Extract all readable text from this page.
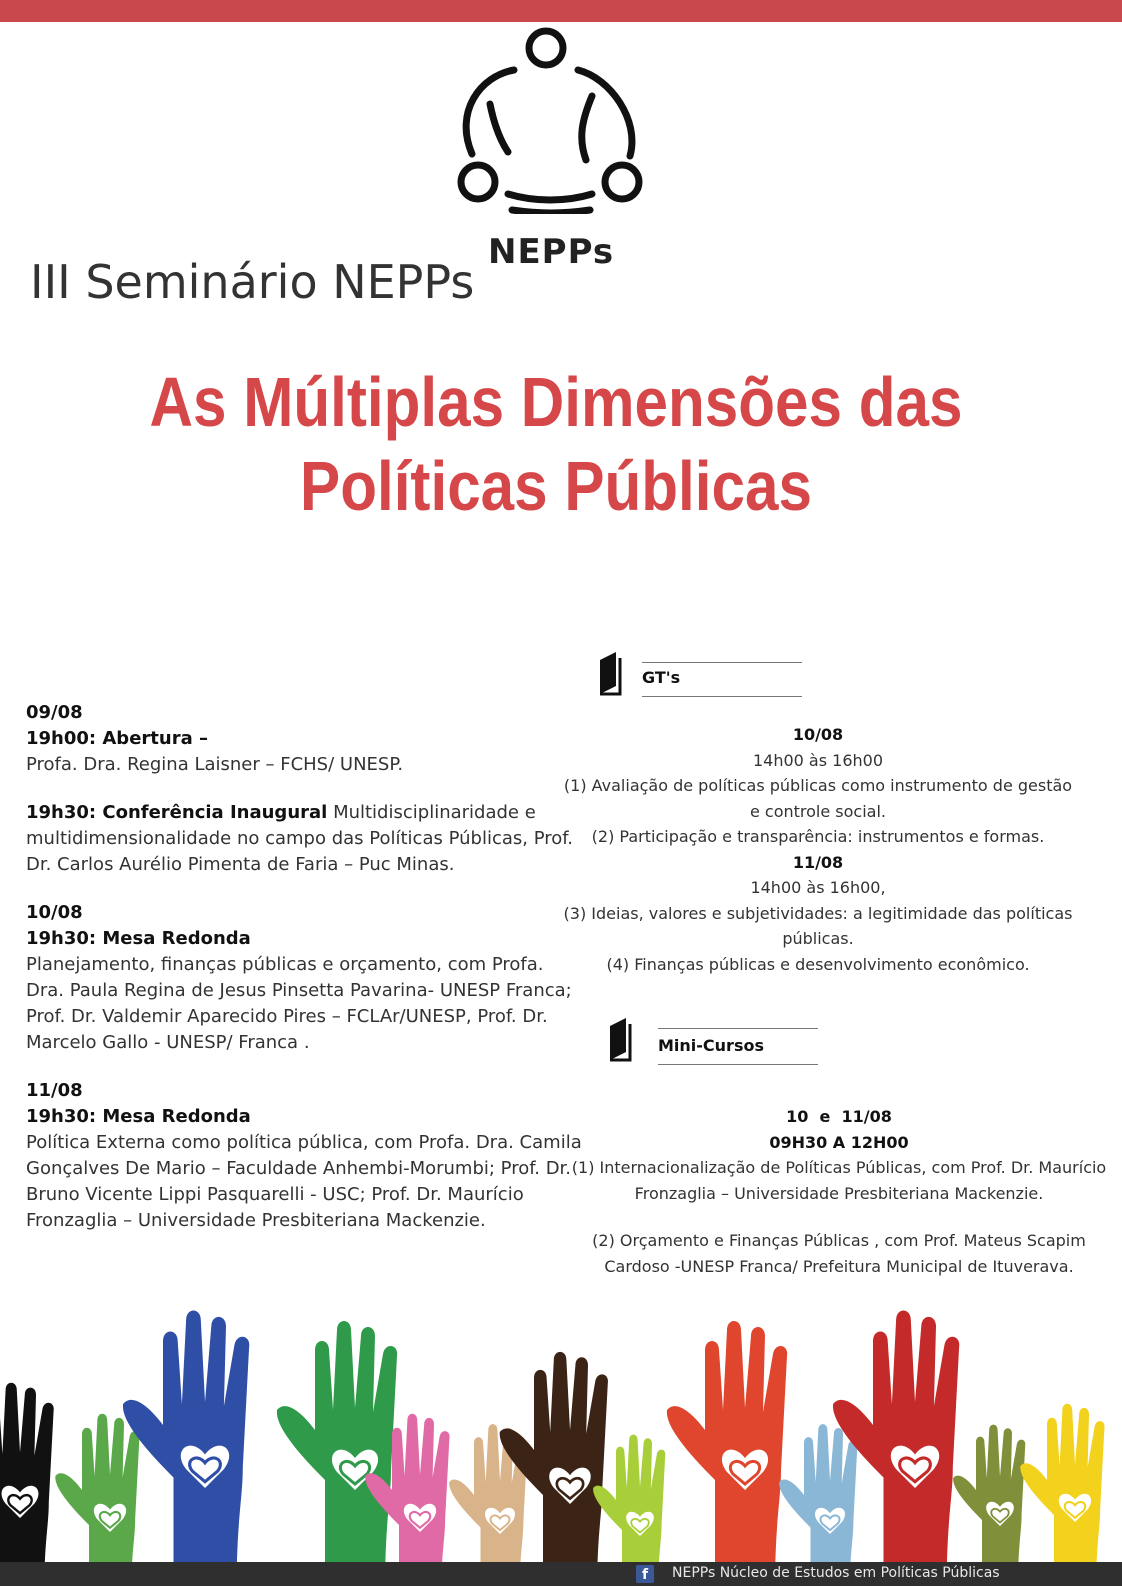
NEPPs
III Seminário NEPPs
As Múltiplas Dimensões das
Políticas Públicas
09/08
19h00: Abertura –
Profa. Dra. Regina Laisner – FCHS/ UNESP.
19h30: Conferência Inaugural Multidisciplinaridade e multidimensionalidade no campo das Políticas Públicas, Prof. Dr. Carlos Aurélio Pimenta de Faria – Puc Minas.
10/08
19h30: Mesa Redonda
Planejamento, finanças públicas e orçamento, com Profa. Dra. Paula Regina de Jesus Pinsetta Pavarina- UNESP Franca; Prof. Dr. Valdemir Aparecido Pires – FCLAr/UNESP, Prof. Dr. Marcelo Gallo - UNESP/ Franca .
11/08
19h30: Mesa Redonda
Política Externa como política pública, com Profa. Dra. Camila Gonçalves De Mario – Faculdade Anhembi-Morumbi; Prof. Dr. Bruno Vicente Lippi Pasquarelli - USC; Prof. Dr. Maurício Fronzaglia – Universidade Presbiteriana Mackenzie.
GT's
10/08
14h00 às 16h00
(1) Avaliação de políticas públicas como instrumento de gestão
e controle social.
(2) Participação e transparência: instrumentos e formas.
11/08
14h00 às 16h00,
(3) Ideias, valores e subjetividades: a legitimidade das políticas
públicas.
(4) Finanças públicas e desenvolvimento econômico.
Mini-Cursos
10  e  11/08
09H30 A 12H00
(1) Internacionalização de Políticas Públicas, com Prof. Dr. Maurício
Fronzaglia – Universidade Presbiteriana Mackenzie.
(2) Orçamento e Finanças Públicas , com Prof. Mateus Scapim
Cardoso -UNESP Franca/ Prefeitura Municipal de Ituverava.
f	NEPPs Núcleo de Estudos em Políticas Públicas
